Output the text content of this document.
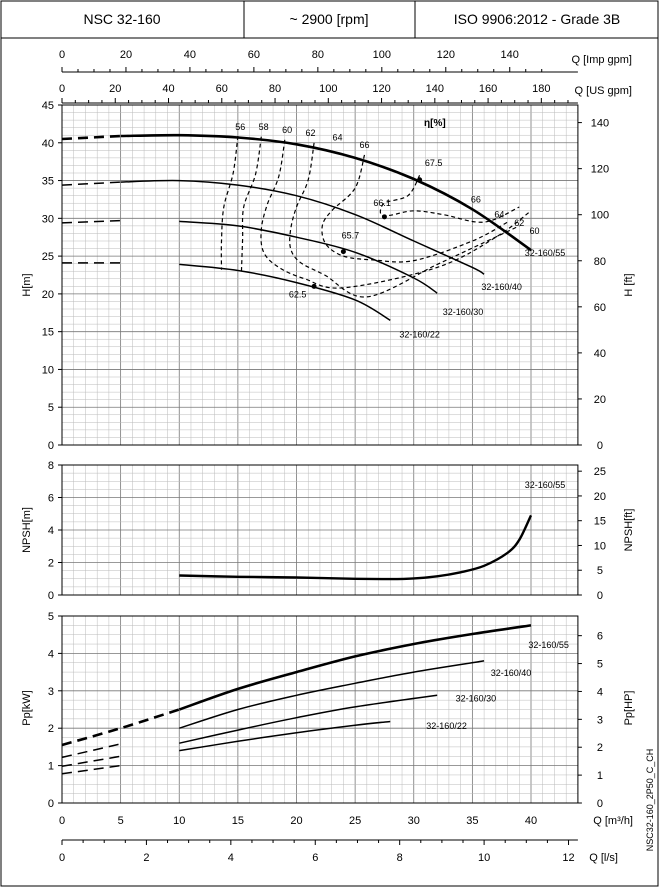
NSC 32-160	~ 2900 [rpm]	ISO 9906:2012 - Grade 3B
0	20	40	60	80	100	120	140
0	20	40	60	80	100	120	140	160	180
0
5
10
15
20
25
30
35
40
45
0
20
40
60
80
100
120
140
32-160/55
32-160/40
32-160/30
32-160/22
56 58 60 62 64
66
67.5
66
64
62
60
66.1
65.7
62.5
0
2
4
6
8
0
5
10
15
20
25
32-160/55
0
1
2
3
4
5
0
1
2
3
4
5
6
32-160/55
32-160/40
32-160/30
32-160/22
0	5	10	15	20	25	30	35	40
0	2	4	6	8	10	12
Q [Imp gpm]
Q [US gpm]
Q [m³/h]
Q [l/s]
H[m]	H [ft]
NPSH[m]	NPSH[ft]
Pp[kW]	Pp[HP]
η[%]
NSC32-160_2P50_C_CH
